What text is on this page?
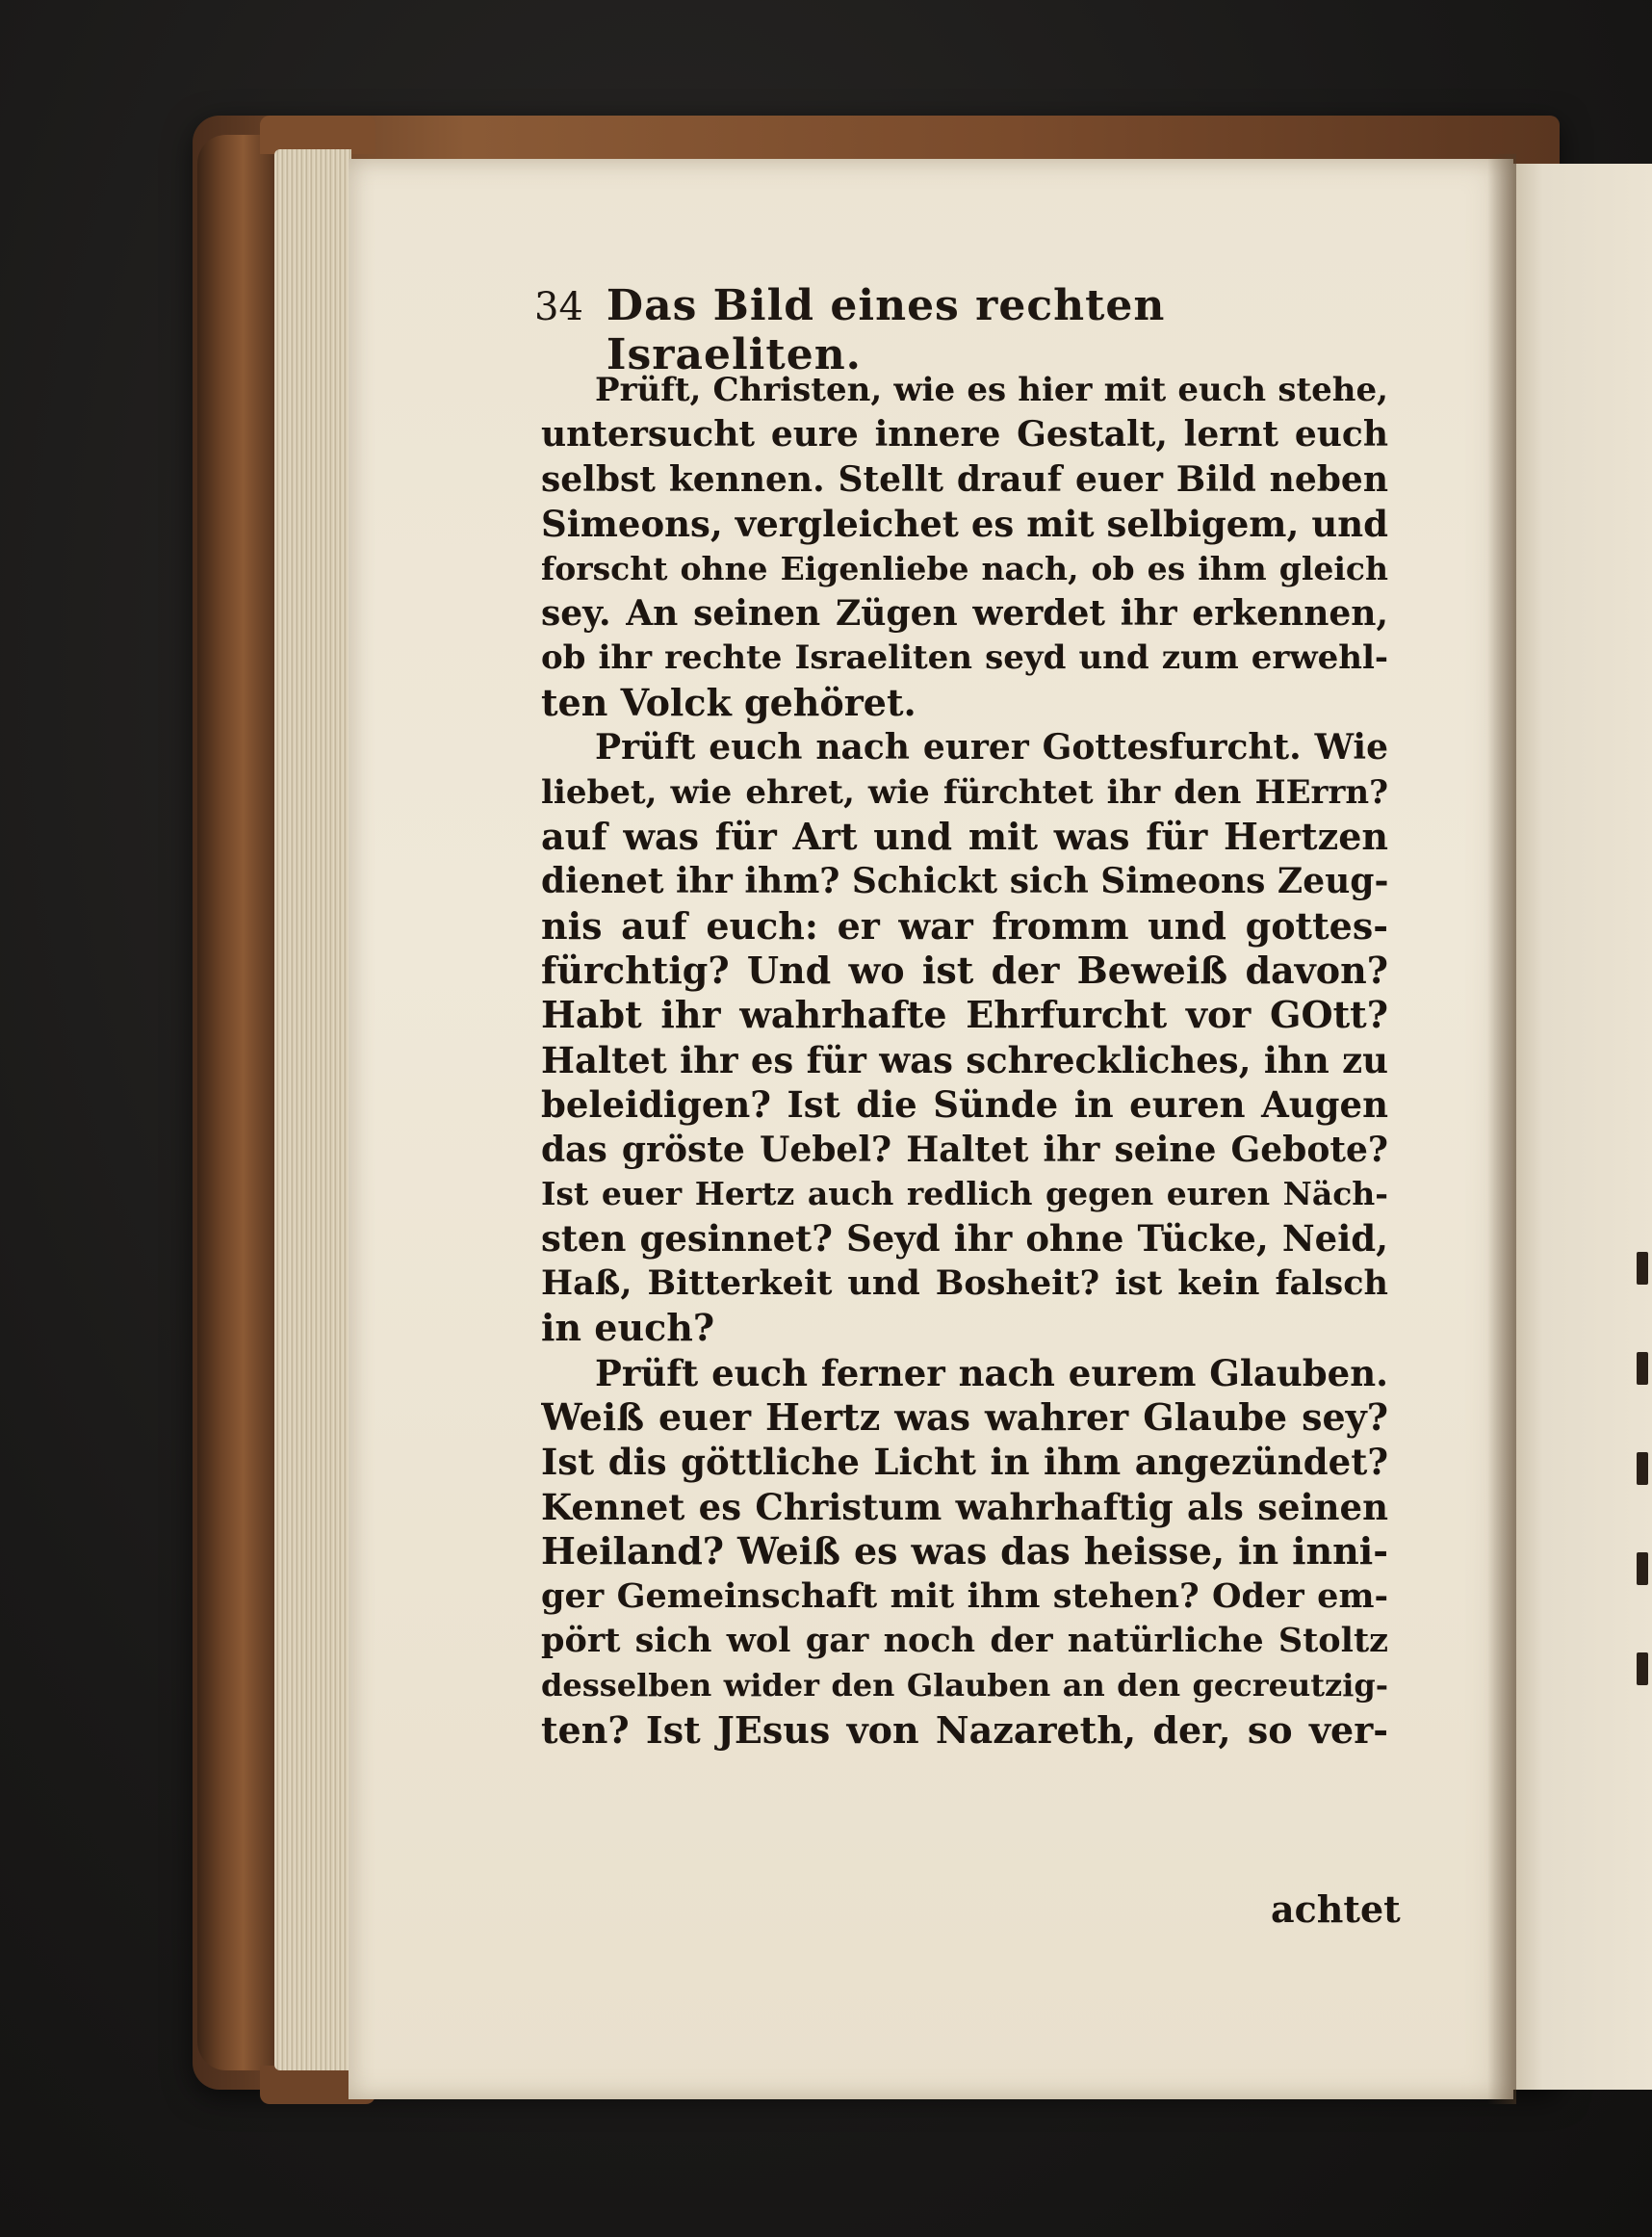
34 Das Bild eines rechten Israeliten.
Prüft, Christen, wie es hier mit euch stehe,
untersucht eure innere Gestalt, lernt euch
selbst kennen. Stellt drauf euer Bild neben
Simeons, vergleichet es mit selbigem, und
forscht ohne Eigenliebe nach, ob es ihm gleich
sey. An seinen Zügen werdet ihr erkennen,
ob ihr rechte Israeliten seyd und zum erwehl-
ten Volck gehöret.
Prüft euch nach eurer Gottesfurcht. Wie
liebet, wie ehret, wie fürchtet ihr den HErrn?
auf was für Art und mit was für Hertzen
dienet ihr ihm? Schickt sich Simeons Zeug-
nis auf euch: er war fromm und gottes-
fürchtig? Und wo ist der Beweiß davon?
Habt ihr wahrhafte Ehrfurcht vor GOtt?
Haltet ihr es für was schreckliches, ihn zu
beleidigen? Ist die Sünde in euren Augen
das gröste Uebel? Haltet ihr seine Gebote?
Ist euer Hertz auch redlich gegen euren Näch-
sten gesinnet? Seyd ihr ohne Tücke, Neid,
Haß, Bitterkeit und Bosheit? ist kein falsch
in euch?
Prüft euch ferner nach eurem Glauben.
Weiß euer Hertz was wahrer Glaube sey?
Ist dis göttliche Licht in ihm angezündet?
Kennet es Christum wahrhaftig als seinen
Heiland? Weiß es was das heisse, in inni-
ger Gemeinschaft mit ihm stehen? Oder em-
pört sich wol gar noch der natürliche Stoltz
desselben wider den Glauben an den gecreutzig-
ten? Ist JEsus von Nazareth, der, so ver-
achtet
